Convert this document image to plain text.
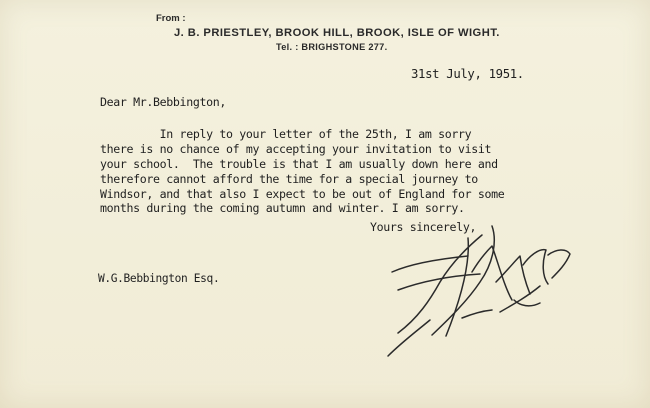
From :
J. B. PRIESTLEY, BROOK HILL, BROOK, ISLE OF WIGHT.
Tel. : BRIGHSTONE 277.
31st July, 1951.
Dear Mr.Bebbington,
In reply to your letter of the 25th, I am sorry
there is no chance of my accepting your invitation to visit
your school.  The trouble is that I am usually down here and
therefore cannot afford the time for a special journey to
Windsor, and that also I expect to be out of England for some
months during the coming autumn and winter. I am sorry.
Yours sincerely,
W.G.Bebbington Esq.
